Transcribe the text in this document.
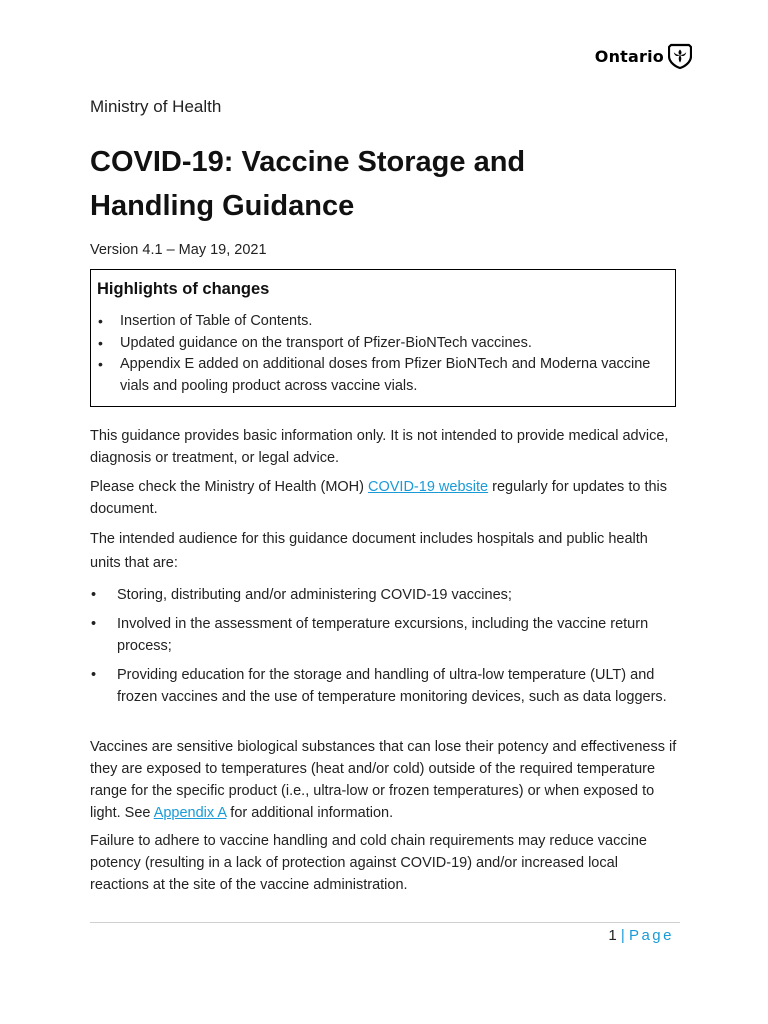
Ontario
Ministry of Health
COVID-19: Vaccine Storage and Handling Guidance
Version 4.1 – May 19, 2021
Highlights of changes
• Insertion of Table of Contents.
• Updated guidance on the transport of Pfizer-BioNTech vaccines.
• Appendix E added on additional doses from Pfizer BioNTech and Moderna vaccine vials and pooling product across vaccine vials.

This guidance provides basic information only. It is not intended to provide medical advice, diagnosis or treatment, or legal advice.

Please check the Ministry of Health (MOH) COVID-19 website regularly for updates to this document.

The intended audience for this guidance document includes hospitals and public health units that are:

• Storing, distributing and/or administering COVID-19 vaccines;
• Involved in the assessment of temperature excursions, including the vaccine return process;
• Providing education for the storage and handling of ultra-low temperature (ULT) and frozen vaccines and the use of temperature monitoring devices, such as data loggers.

Vaccines are sensitive biological substances that can lose their potency and effectiveness if they are exposed to temperatures (heat and/or cold) outside of the required temperature range for the specific product (i.e., ultra-low or frozen temperatures) or when exposed to light. See Appendix A for additional information.

Failure to adhere to vaccine handling and cold chain requirements may reduce vaccine potency (resulting in a lack of protection against COVID-19) and/or increased local reactions at the site of the vaccine administration.

1 | Page
